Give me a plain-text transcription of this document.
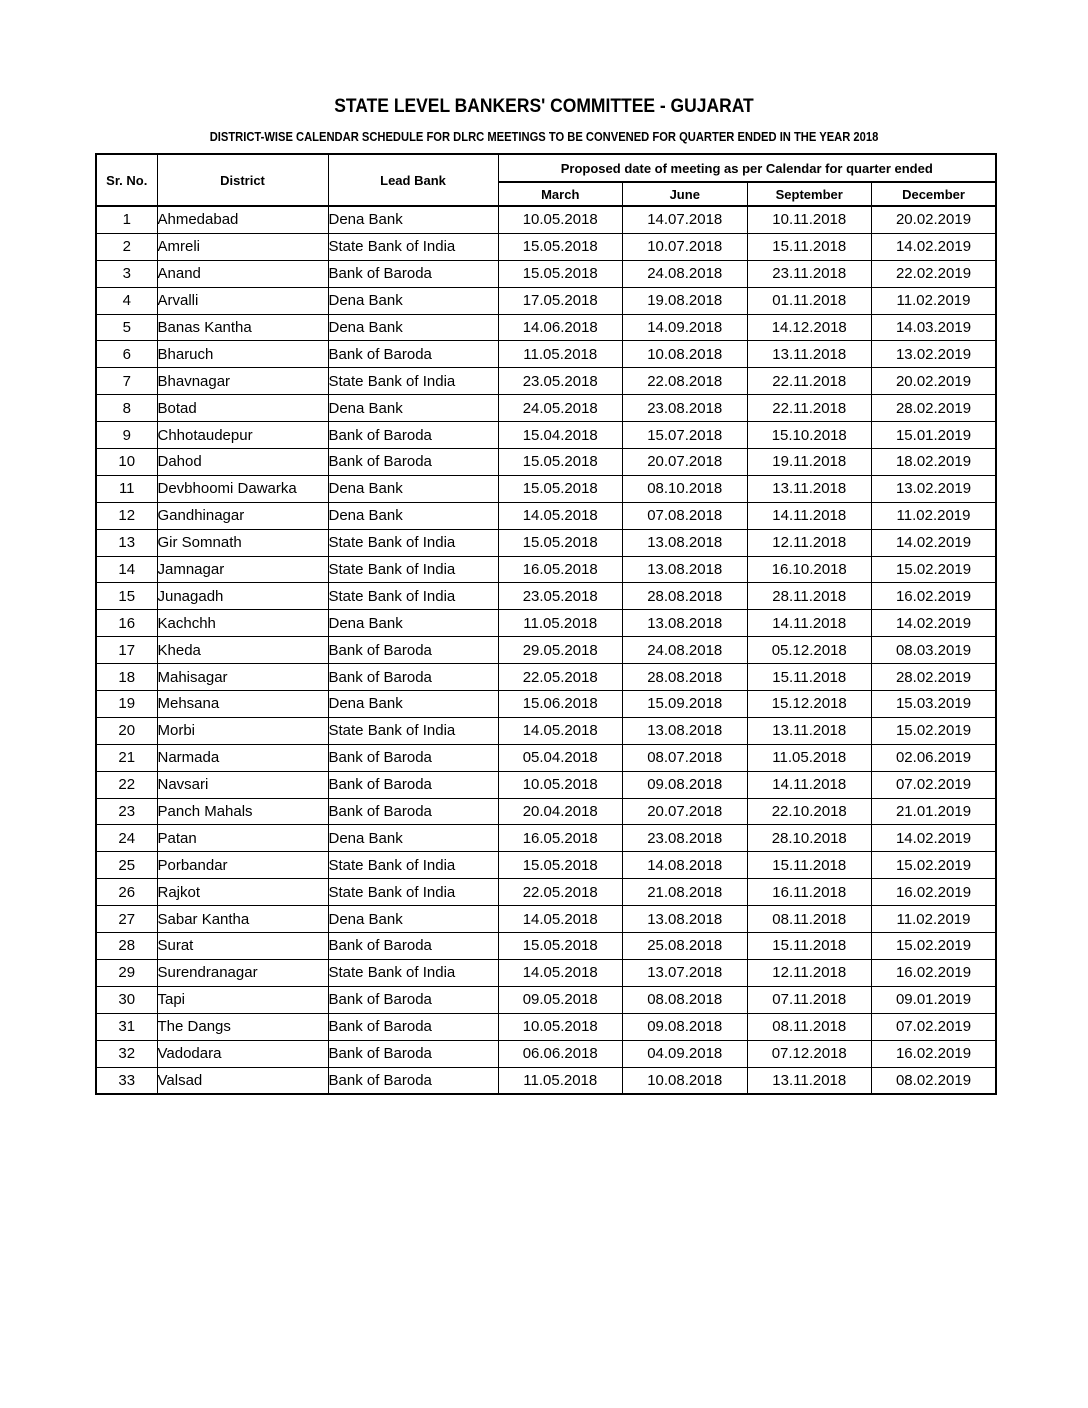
STATE LEVEL BANKERS' COMMITTEE - GUJARAT
DISTRICT-WISE CALENDAR SCHEDULE FOR DLRC MEETINGS TO BE CONVENED FOR QUARTER ENDED IN THE YEAR 2018
Sr. No.	District	Lead Bank	Proposed date of meeting as per Calendar for quarter ended			
			March	June	September	December
1	Ahmedabad	Dena Bank	10.05.2018	14.07.2018	10.11.2018	20.02.2019
2	Amreli	State Bank of India	15.05.2018	10.07.2018	15.11.2018	14.02.2019
3	Anand	Bank of Baroda	15.05.2018	24.08.2018	23.11.2018	22.02.2019
4	Arvalli	Dena Bank	17.05.2018	19.08.2018	01.11.2018	11.02.2019
5	Banas Kantha	Dena Bank	14.06.2018	14.09.2018	14.12.2018	14.03.2019
6	Bharuch	Bank of Baroda	11.05.2018	10.08.2018	13.11.2018	13.02.2019
7	Bhavnagar	State Bank of India	23.05.2018	22.08.2018	22.11.2018	20.02.2019
8	Botad	Dena Bank	24.05.2018	23.08.2018	22.11.2018	28.02.2019
9	Chhotaudepur	Bank of Baroda	15.04.2018	15.07.2018	15.10.2018	15.01.2019
10	Dahod	Bank of Baroda	15.05.2018	20.07.2018	19.11.2018	18.02.2019
11	Devbhoomi Dawarka	Dena Bank	15.05.2018	08.10.2018	13.11.2018	13.02.2019
12	Gandhinagar	Dena Bank	14.05.2018	07.08.2018	14.11.2018	11.02.2019
13	Gir Somnath	State Bank of India	15.05.2018	13.08.2018	12.11.2018	14.02.2019
14	Jamnagar	State Bank of India	16.05.2018	13.08.2018	16.10.2018	15.02.2019
15	Junagadh	State Bank of India	23.05.2018	28.08.2018	28.11.2018	16.02.2019
16	Kachchh	Dena Bank	11.05.2018	13.08.2018	14.11.2018	14.02.2019
17	Kheda	Bank of Baroda	29.05.2018	24.08.2018	05.12.2018	08.03.2019
18	Mahisagar	Bank of Baroda	22.05.2018	28.08.2018	15.11.2018	28.02.2019
19	Mehsana	Dena Bank	15.06.2018	15.09.2018	15.12.2018	15.03.2019
20	Morbi	State Bank of India	14.05.2018	13.08.2018	13.11.2018	15.02.2019
21	Narmada	Bank of Baroda	05.04.2018	08.07.2018	11.05.2018	02.06.2019
22	Navsari	Bank of Baroda	10.05.2018	09.08.2018	14.11.2018	07.02.2019
23	Panch Mahals	Bank of Baroda	20.04.2018	20.07.2018	22.10.2018	21.01.2019
24	Patan	Dena Bank	16.05.2018	23.08.2018	28.10.2018	14.02.2019
25	Porbandar	State Bank of India	15.05.2018	14.08.2018	15.11.2018	15.02.2019
26	Rajkot	State Bank of India	22.05.2018	21.08.2018	16.11.2018	16.02.2019
27	Sabar Kantha	Dena Bank	14.05.2018	13.08.2018	08.11.2018	11.02.2019
28	Surat	Bank of Baroda	15.05.2018	25.08.2018	15.11.2018	15.02.2019
29	Surendranagar	State Bank of India	14.05.2018	13.07.2018	12.11.2018	16.02.2019
30	Tapi	Bank of Baroda	09.05.2018	08.08.2018	07.11.2018	09.01.2019
31	The Dangs	Bank of Baroda	10.05.2018	09.08.2018	08.11.2018	07.02.2019
32	Vadodara	Bank of Baroda	06.06.2018	04.09.2018	07.12.2018	16.02.2019
33	Valsad	Bank of Baroda	11.05.2018	10.08.2018	13.11.2018	08.02.2019
